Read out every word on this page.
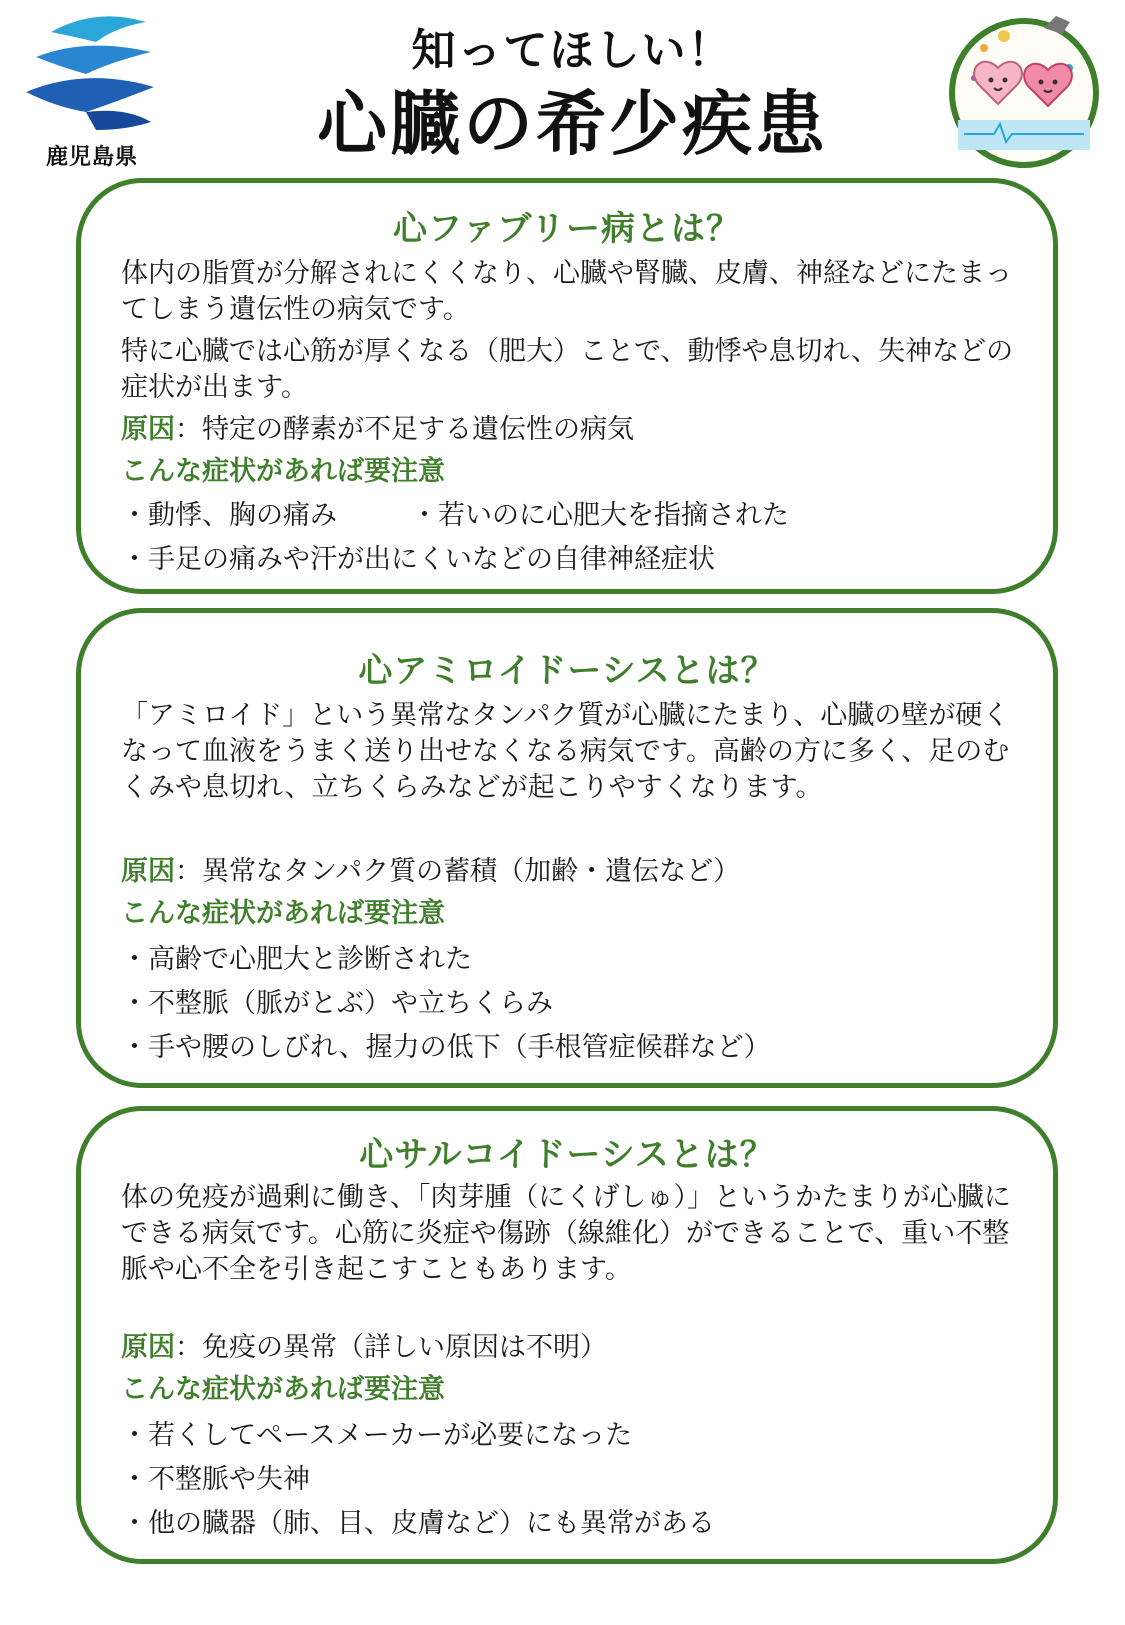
鹿児島県
知ってほしい！
心臓の希少疾患
心ファブリー病とは？
体内の脂質が分解されにくくなり、心臓や腎臓、皮膚、神経などにたまってしまう遺伝性の病気です。
特に心臓では心筋が厚くなる（肥大）ことで、動悸や息切れ、失神などの症状が出ます。
原因：特定の酵素が不足する遺伝性の病気
こんな症状があれば要注意
・動悸、胸の痛み	・若いのに心肥大を指摘された
・手足の痛みや汗が出にくいなどの自律神経症状
心アミロイドーシスとは？
「アミロイド」という異常なタンパク質が心臓にたまり、心臓の壁が硬くなって血液をうまく送り出せなくなる病気です。高齢の方に多く、足のむくみや息切れ、立ちくらみなどが起こりやすくなります。
原因：異常なタンパク質の蓄積（加齢・遺伝など）
こんな症状があれば要注意
・高齢で心肥大と診断された
・不整脈（脈がとぶ）や立ちくらみ
・手や腰のしびれ、握力の低下（手根管症候群など）
心サルコイドーシスとは？
体の免疫が過剰に働き、「肉芽腫（にくげしゅ）」というかたまりが心臓にできる病気です。心筋に炎症や傷跡（線維化）ができることで、重い不整脈や心不全を引き起こすこともあります。
原因：免疫の異常（詳しい原因は不明）
こんな症状があれば要注意
・若くしてペースメーカーが必要になった
・不整脈や失神
・他の臓器（肺、目、皮膚など）にも異常がある
